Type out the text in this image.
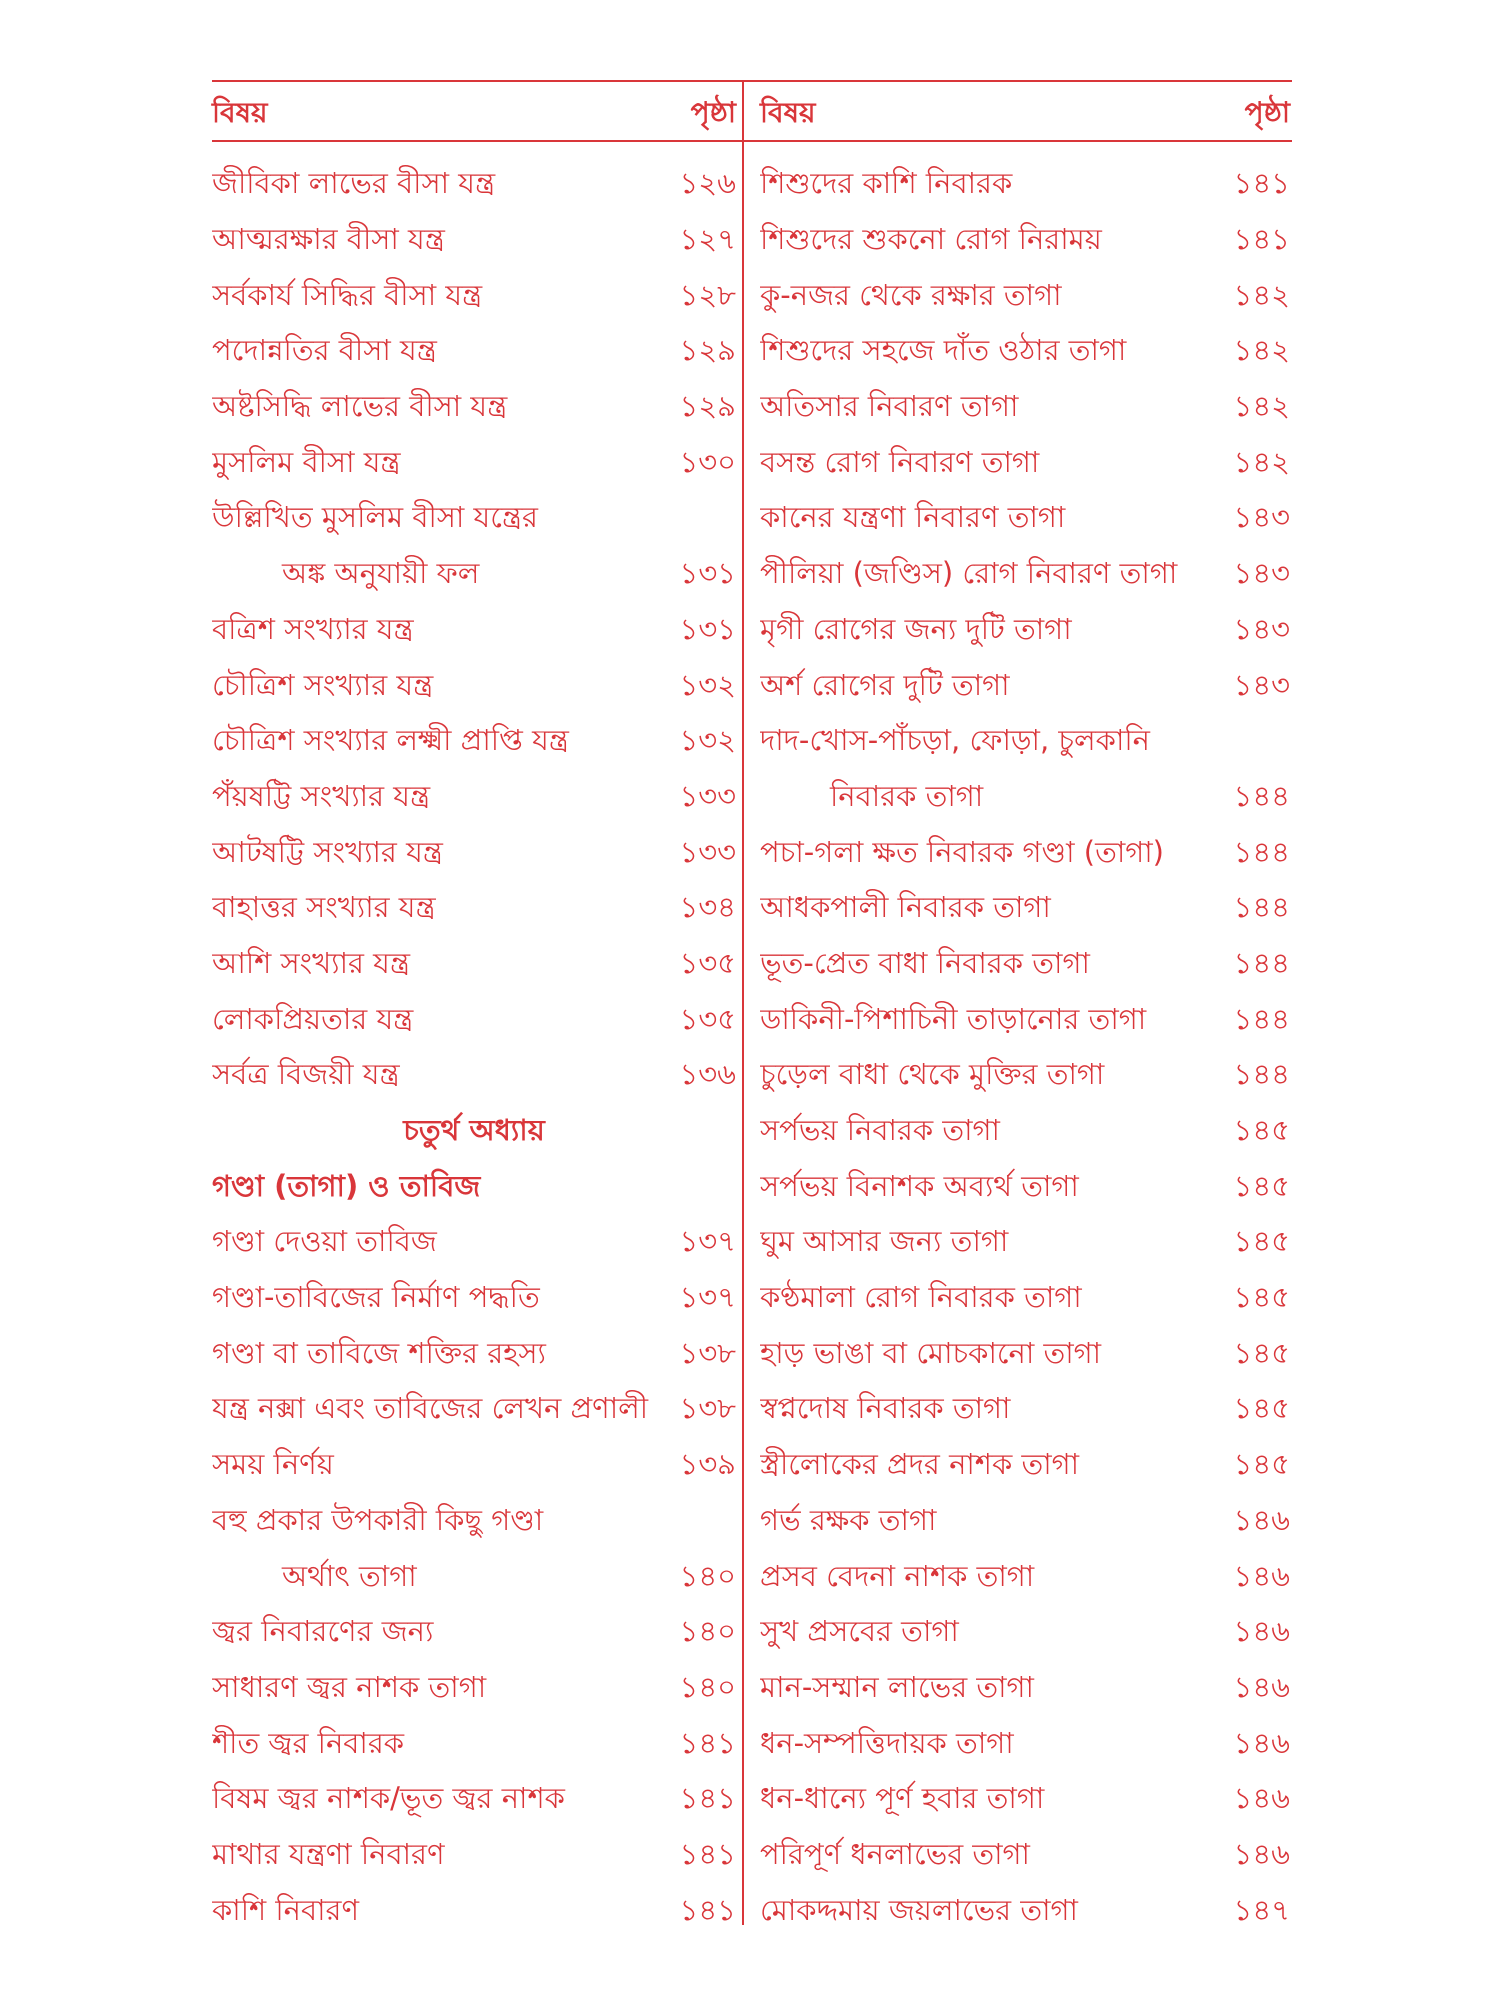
বিষয়	পৃষ্ঠা
জীবিকা লাভের বীসা যন্ত্র	১২৬
আত্মরক্ষার বীসা যন্ত্র	১২৭
সর্বকার্য সিদ্ধির বীসা যন্ত্র	১২৮
পদোন্নতির বীসা যন্ত্র	১২৯
অষ্টসিদ্ধি লাভের বীসা যন্ত্র	১২৯
মুসলিম বীসা যন্ত্র	১৩০
উল্লিখিত মুসলিম বীসা যন্ত্রের
অঙ্ক অনুযায়ী ফল	১৩১
বত্রিশ সংখ্যার যন্ত্র	১৩১
চৌত্রিশ সংখ্যার যন্ত্র	১৩২
চৌত্রিশ সংখ্যার লক্ষ্মী প্রাপ্তি যন্ত্র	১৩২
পঁয়ষট্টি সংখ্যার যন্ত্র	১৩৩
আটষট্টি সংখ্যার যন্ত্র	১৩৩
বাহাত্তর সংখ্যার যন্ত্র	১৩৪
আশি সংখ্যার যন্ত্র	১৩৫
লোকপ্রিয়তার যন্ত্র	১৩৫
সর্বত্র বিজয়ী যন্ত্র	১৩৬
চতুর্থ অধ্যায়
গণ্ডা (তাগা) ও তাবিজ
গণ্ডা দেওয়া তাবিজ	১৩৭
গণ্ডা-তাবিজের নির্মাণ পদ্ধতি	১৩৭
গণ্ডা বা তাবিজে শক্তির রহস্য	১৩৮
যন্ত্র নক্সা এবং তাবিজের লেখন প্রণালী	১৩৮
সময় নির্ণয়	১৩৯
বহু প্রকার উপকারী কিছু গণ্ডা
অর্থাৎ তাগা	১৪০
জ্বর নিবারণের জন্য	১৪০
সাধারণ জ্বর নাশক তাগা	১৪০
শীত জ্বর নিবারক	১৪১
বিষম জ্বর নাশক/ভূত জ্বর নাশক	১৪১
মাথার যন্ত্রণা নিবারণ	১৪১
কাশি নিবারণ	১৪১
বিষয়	পৃষ্ঠা
শিশুদের কাশি নিবারক	১৪১
শিশুদের শুকনো রোগ নিরাময়	১৪১
কু-নজর থেকে রক্ষার তাগা	১৪২
শিশুদের সহজে দাঁত ওঠার তাগা	১৪২
অতিসার নিবারণ তাগা	১৪২
বসন্ত রোগ নিবারণ তাগা	১৪২
কানের যন্ত্রণা নিবারণ তাগা	১৪৩
পীলিয়া (জণ্ডিস) রোগ নিবারণ তাগা	১৪৩
মৃগী রোগের জন্য দুটি তাগা	১৪৩
অর্শ রোগের দুটি তাগা	১৪৩
দাদ-খোস-পাঁচড়া, ফোড়া, চুলকানি
নিবারক তাগা	১৪৪
পচা-গলা ক্ষত নিবারক গণ্ডা (তাগা)	১৪৪
আধকপালী নিবারক তাগা	১৪৪
ভূত-প্রেত বাধা নিবারক তাগা	১৪৪
ডাকিনী-পিশাচিনী তাড়ানোর তাগা	১৪৪
চুড়েল বাধা থেকে মুক্তির তাগা	১৪৪
সর্পভয় নিবারক তাগা	১৪৫
সর্পভয় বিনাশক অব্যর্থ তাগা	১৪৫
ঘুম আসার জন্য তাগা	১৪৫
কণ্ঠমালা রোগ নিবারক তাগা	১৪৫
হাড় ভাঙা বা মোচকানো তাগা	১৪৫
স্বপ্নদোষ নিবারক তাগা	১৪৫
স্ত্রীলোকের প্রদর নাশক তাগা	১৪৫
গর্ভ রক্ষক তাগা	১৪৬
প্রসব বেদনা নাশক তাগা	১৪৬
সুখ প্রসবের তাগা	১৪৬
মান-সম্মান লাভের তাগা	১৪৬
ধন-সম্পত্তিদায়ক তাগা	১৪৬
ধন-ধান্যে পূর্ণ হবার তাগা	১৪৬
পরিপূর্ণ ধনলাভের তাগা	১৪৬
মোকদ্দমায় জয়লাভের তাগা	১৪৭
